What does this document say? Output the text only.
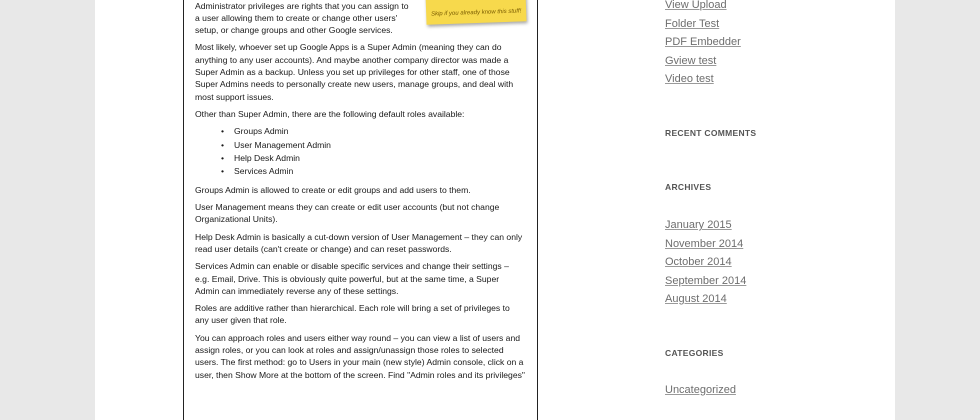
Skip if you already know this stuff!

Administrator privileges are rights that you can assign to a user allowing them to create or change other users' setup, or change groups and other Google services.

Most likely, whoever set up Google Apps is a Super Admin (meaning they can do anything to any user accounts). And maybe another company director was made a Super Admin as a backup. Unless you set up privileges for other staff, one of those Super Admins needs to personally create new users, manage groups, and deal with most support issues.

Other than Super Admin, there are the following default roles available:

• Groups Admin
• User Management Admin
• Help Desk Admin
• Services Admin

Groups Admin is allowed to create or edit groups and add users to them.

User Management means they can create or edit user accounts (but not change Organizational Units).

Help Desk Admin is basically a cut-down version of User Management – they can only read user details (can't create or change) and can reset passwords.

Services Admin can enable or disable specific services and change their settings – e.g. Email, Drive. This is obviously quite powerful, but at the same time, a Super Admin can immediately reverse any of these settings.

Roles are additive rather than hierarchical. Each role will bring a set of privileges to any user given that role.

You can approach roles and users either way round – you can view a list of users and assign roles, or you can look at roles and assign/unassign those roles to selected users. The first method: go to Users in your main (new style) Admin console, click on a user, then Show More at the bottom of the screen. Find "Admin roles and its privileges"

View Upload
Folder Test
PDF Embedder
Gview test
Video test
RECENT COMMENTS
ARCHIVES
January 2015
November 2014
October 2014
September 2014
August 2014
CATEGORIES
Uncategorized
